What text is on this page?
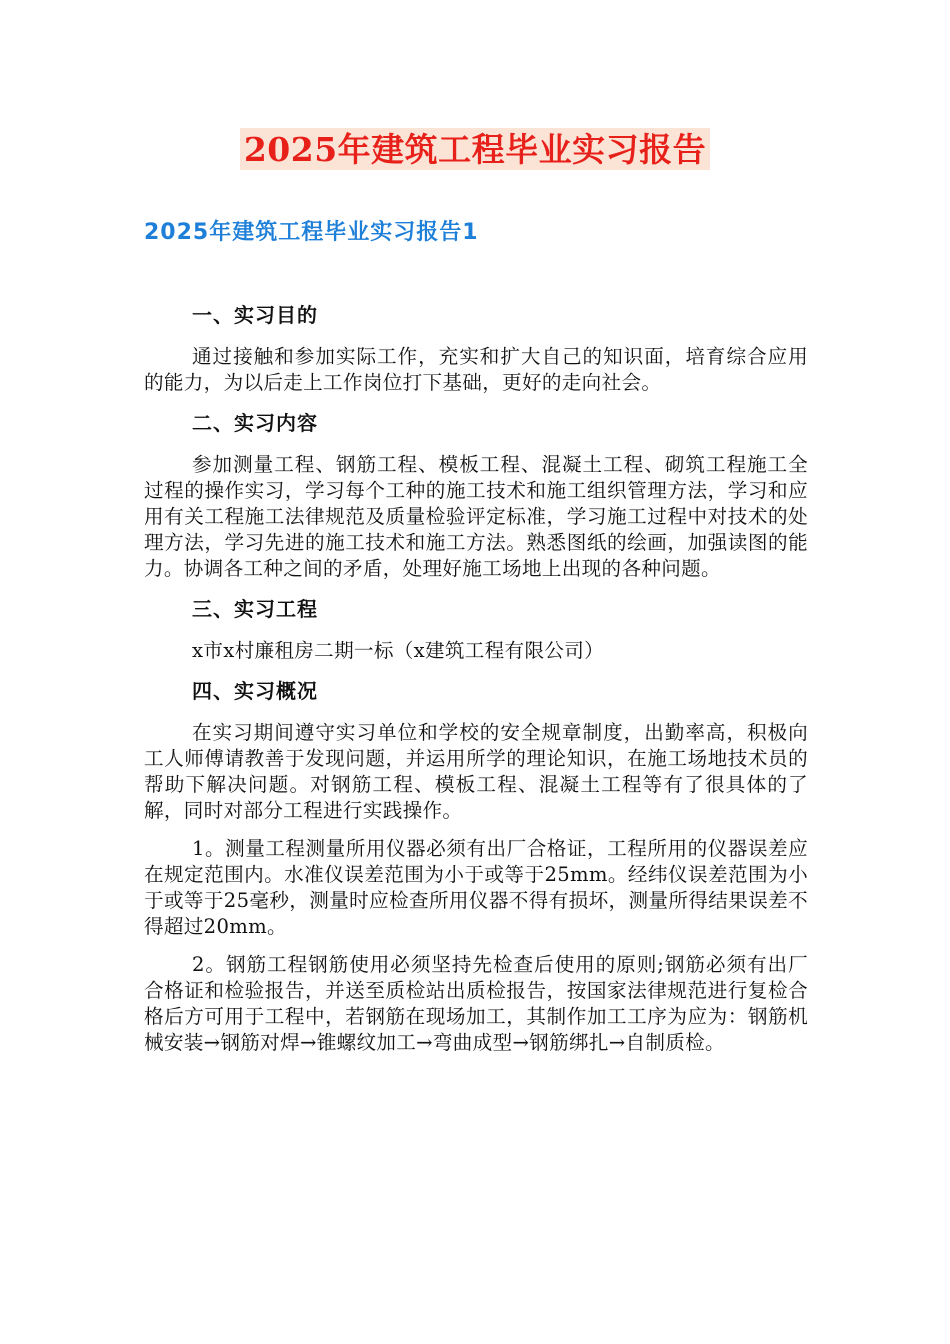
2025年建筑工程毕业实习报告
2025年建筑工程毕业实习报告1
一、实习目的

通过接触和参加实际工作，充实和扩大自己的知识面，培育综合应用的能力，为以后走上工作岗位打下基础，更好的走向社会。

二、实习内容

参加测量工程、钢筋工程、模板工程、混凝土工程、砌筑工程施工全过程的操作实习，学习每个工种的施工技术和施工组织管理方法，学习和应用有关工程施工法律规范及质量检验评定标准，学习施工过程中对技术的处理方法，学习先进的施工技术和施工方法。熟悉图纸的绘画，加强读图的能力。协调各工种之间的矛盾，处理好施工场地上出现的各种问题。

三、实习工程

x市x村廉租房二期一标（x建筑工程有限公司）

四、实习概况

在实习期间遵守实习单位和学校的安全规章制度，出勤率高，积极向工人师傅请教善于发现问题，并运用所学的理论知识，在施工场地技术员的帮助下解决问题。对钢筋工程、模板工程、混凝土工程等有了很具体的了解，同时对部分工程进行实践操作。

1。测量工程测量所用仪器必须有出厂合格证，工程所用的仪器误差应在规定范围内。水准仪误差范围为小于或等于25mm。经纬仪误差范围为小于或等于25毫秒，测量时应检查所用仪器不得有损坏，测量所得结果误差不得超过20mm。

2。钢筋工程钢筋使用必须坚持先检查后使用的原则;钢筋必须有出厂合格证和检验报告，并送至质检站出质检报告，按国家法律规范进行复检合格后方可用于工程中，若钢筋在现场加工，其制作加工工序为应为：钢筋机械安装→钢筋对焊→锥螺纹加工→弯曲成型→钢筋绑扎→自制质检。
